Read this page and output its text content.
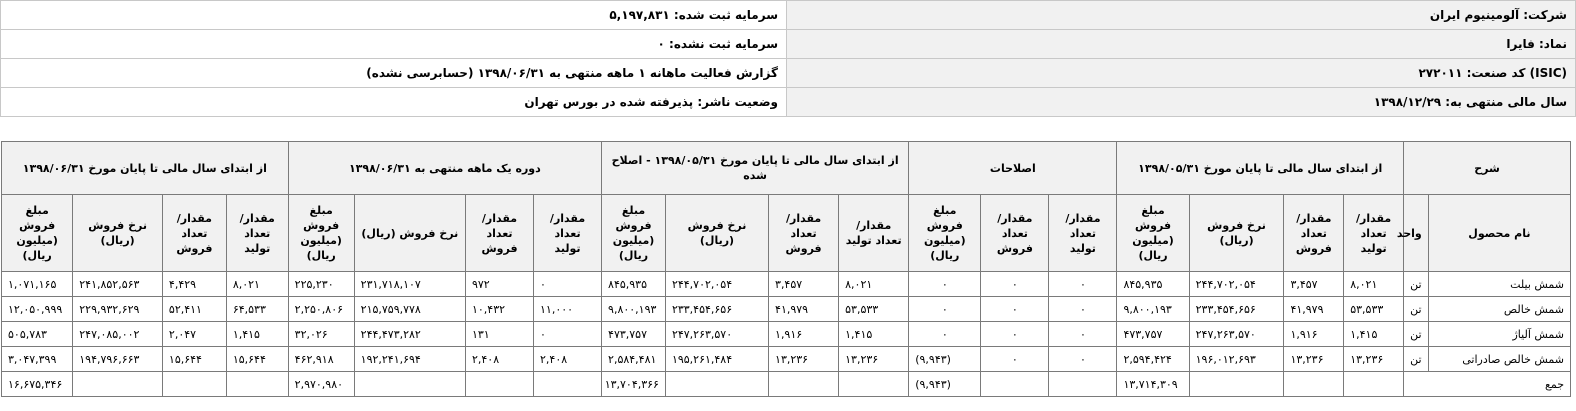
شرکت: آلومینیوم ایران	سرمایه ثبت شده: ۵,۱۹۷,۸۳۱
نماد: فایرا	سرمایه ثبت نشده: ۰
(ISIC) کد صنعت: ۲۷۲۰۱۱	گزارش فعالیت ماهانه ۱ ماهه منتهی به ۱۳۹۸/۰۶/۳۱ (حسابرسی نشده)
سال مالی منتهی به: ۱۳۹۸/۱۲/۲۹	وضعیت ناشر: پذیرفته شده در بورس تهران
شرح		از ابتدای سال مالی تا پایان مورخ ۱۳۹۸/۰۵/۳۱				اصلاحات			از ابتدای سال مالی تا پایان مورخ ۱۳۹۸/۰۵/۳۱ - اصلاح شده				دوره یک ماهه منتهی به ۱۳۹۸/۰۶/۳۱				از ابتدای سال مالی تا پایان مورخ ۱۳۹۸/۰۶/۳۱			
نام محصول	واحد	مقدار/تعداد تولید	مقدار/تعداد فروش	نرخ فروش (ریال)	مبلغ فروش (میلیون ریال)	مقدار/تعداد تولید	مقدار/تعداد فروش	مبلغ فروش (میلیون ریال)	مقدار/تعداد تولید	مقدار/تعداد فروش	نرخ فروش (ریال)	مبلغ فروش (میلیون ریال)	مقدار/تعداد تولید	مقدار/تعداد فروش	نرخ فروش (ریال)	مبلغ فروش (میلیون ریال)	مقدار/تعداد تولید	مقدار/تعداد فروش	نرخ فروش (ریال)	مبلغ فروش (میلیون ریال)
شمش بیلت	تن	۸,۰۲۱	۳,۴۵۷	۲۴۴,۷۰۲,۰۵۴	۸۴۵,۹۳۵	۰	۰	۰	۸,۰۲۱	۳,۴۵۷	۲۴۴,۷۰۲,۰۵۴	۸۴۵,۹۳۵	۰	۹۷۲	۲۳۱,۷۱۸,۱۰۷	۲۲۵,۲۳۰	۸,۰۲۱	۴,۴۲۹	۲۴۱,۸۵۲,۵۶۳	۱,۰۷۱,۱۶۵
شمش خالص	تن	۵۳,۵۳۳	۴۱,۹۷۹	۲۳۳,۴۵۴,۶۵۶	۹,۸۰۰,۱۹۳	۰	۰	۰	۵۳,۵۳۳	۴۱,۹۷۹	۲۳۳,۴۵۴,۶۵۶	۹,۸۰۰,۱۹۳	۱۱,۰۰۰	۱۰,۴۳۲	۲۱۵,۷۵۹,۷۷۸	۲,۲۵۰,۸۰۶	۶۴,۵۳۳	۵۲,۴۱۱	۲۲۹,۹۳۲,۶۲۹	۱۲,۰۵۰,۹۹۹
شمش آلیاژ	تن	۱,۴۱۵	۱,۹۱۶	۲۴۷,۲۶۳,۵۷۰	۴۷۳,۷۵۷	۰	۰	۰	۱,۴۱۵	۱,۹۱۶	۲۴۷,۲۶۳,۵۷۰	۴۷۳,۷۵۷	۰	۱۳۱	۲۴۴,۴۷۳,۲۸۲	۳۲,۰۲۶	۱,۴۱۵	۲,۰۴۷	۲۴۷,۰۸۵,۰۰۲	۵۰۵,۷۸۳
شمش خالص صادراتی	تن	۱۳,۲۳۶	۱۳,۲۳۶	۱۹۶,۰۱۲,۶۹۳	۲,۵۹۴,۴۲۴	۰	۰	(۹,۹۴۳)	۱۳,۲۳۶	۱۳,۲۳۶	۱۹۵,۲۶۱,۴۸۴	۲,۵۸۴,۴۸۱	۲,۴۰۸	۲,۴۰۸	۱۹۲,۲۴۱,۶۹۴	۴۶۲,۹۱۸	۱۵,۶۴۴	۱۵,۶۴۴	۱۹۴,۷۹۶,۶۶۳	۳,۰۴۷,۳۹۹
جمع					۱۳,۷۱۴,۳۰۹			(۹,۹۴۳)				۱۳,۷۰۴,۳۶۶				۲,۹۷۰,۹۸۰				۱۶,۶۷۵,۳۴۶
